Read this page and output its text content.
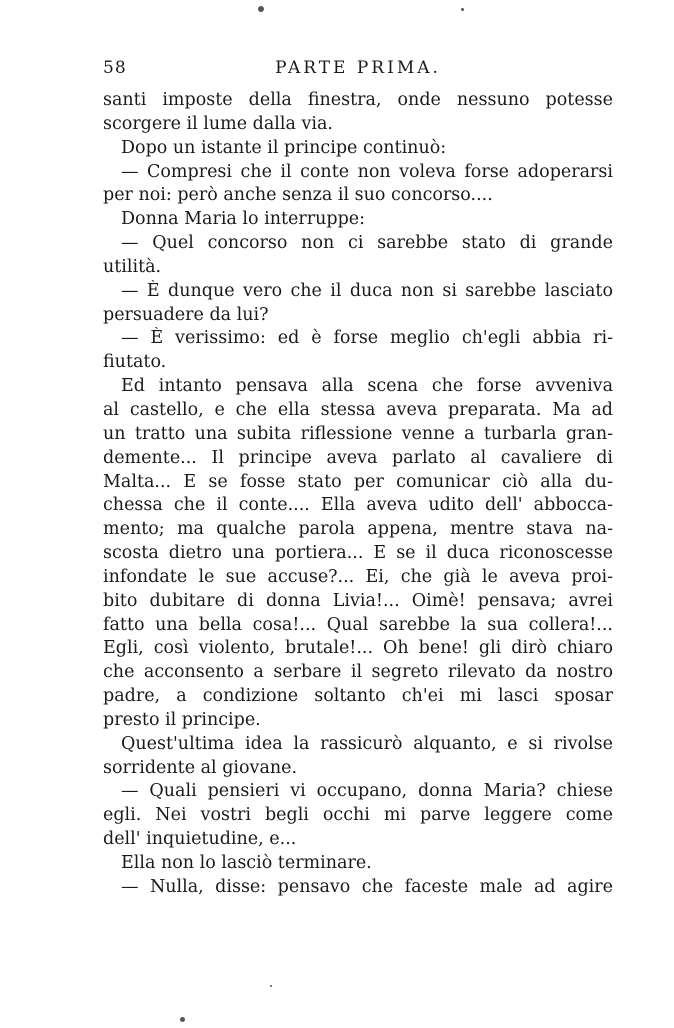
58	PARTE PRIMA.
santi imposte della finestra, onde nessuno potesse
scorgere il lume dalla via.
Dopo un istante il principe continuò:
— Compresi che il conte non voleva forse adoperarsi
per noi: però anche senza il suo concorso....
Donna Maria lo interruppe:
— Quel concorso non ci sarebbe stato di grande
utilità.
— È dunque vero che il duca non si sarebbe lasciato
persuadere da lui?
— È verissimo: ed è forse meglio ch'egli abbia ri-
fiutato.
Ed intanto pensava alla scena che forse avveniva
al castello, e che ella stessa aveva preparata. Ma ad
un tratto una subita riflessione venne a turbarla gran-
demente... Il principe aveva parlato al cavaliere di
Malta... E se fosse stato per comunicar ciò alla du-
chessa che il conte.... Ella aveva udito dell' abbocca-
mento; ma qualche parola appena, mentre stava na-
scosta dietro una portiera... E se il duca riconoscesse
infondate le sue accuse?... Ei, che già le aveva proi-
bito dubitare di donna Livia!... Oimè! pensava; avrei
fatto una bella cosa!... Qual sarebbe la sua collera!...
Egli, così violento, brutale!... Oh bene! gli dirò chiaro
che acconsento a serbare il segreto rilevato da nostro
padre, a condizione soltanto ch'ei mi lasci sposar
presto il principe.
Quest'ultima idea la rassicurò alquanto, e si rivolse
sorridente al giovane.
— Quali pensieri vi occupano, donna Maria? chiese
egli. Nei vostri begli occhi mi parve leggere come
dell' inquietudine, e...
Ella non lo lasciò terminare.
— Nulla, disse: pensavo che faceste male ad agire
